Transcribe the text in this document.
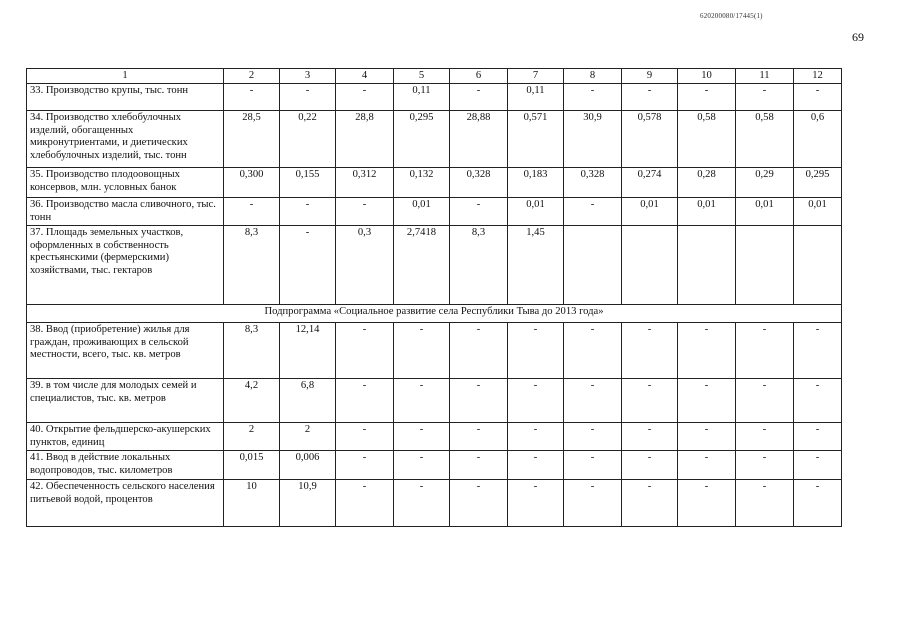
620200080/17445(1)
69
1	2	3	4	5	6	7	8	9	10	11	12
33. Производство крупы, тыс. тонн	-	-	-	0,11	-	0,11	-	-	-	-	-
34. Производство хлебобулочных изделий, обогащенных микронутриентами, и диетических хлебобулочных изделий, тыс. тонн	28,5	0,22	28,8	0,295	28,88	0,571	30,9	0,578	0,58	0,58	0,6
35. Производство плодоовощных консервов, млн. условных банок	0,300	0,155	0,312	0,132	0,328	0,183	0,328	0,274	0,28	0,29	0,295
36. Производство масла сливочного, тыс. тонн	-	-	-	0,01	-	0,01	-	0,01	0,01	0,01	0,01
37. Площадь земельных участков, оформленных в собственность крестьянскими (фермерскими) хозяйствами, тыс. гектаров	8,3	-	0,3	2,7418	8,3	1,45					
Подпрограмма «Социальное развитие села Республики Тыва до 2013 года»											
38. Ввод (приобретение) жилья для граждан, проживающих в сельской местности, всего, тыс. кв. метров	8,3	12,14	-	-	-	-	-	-	-	-	-
39. в том числе для молодых семей и специалистов, тыс. кв. метров	4,2	6,8	-	-	-	-	-	-	-	-	-
40. Открытие фельдшерско-акушерских пунктов, единиц	2	2	-	-	-	-	-	-	-	-	-
41. Ввод в действие локальных водопроводов, тыс. километров	0,015	0,006	-	-	-	-	-	-	-	-	-
42. Обеспеченность сельского населения питьевой водой, процентов	10	10,9	-	-	-	-	-	-	-	-	-
